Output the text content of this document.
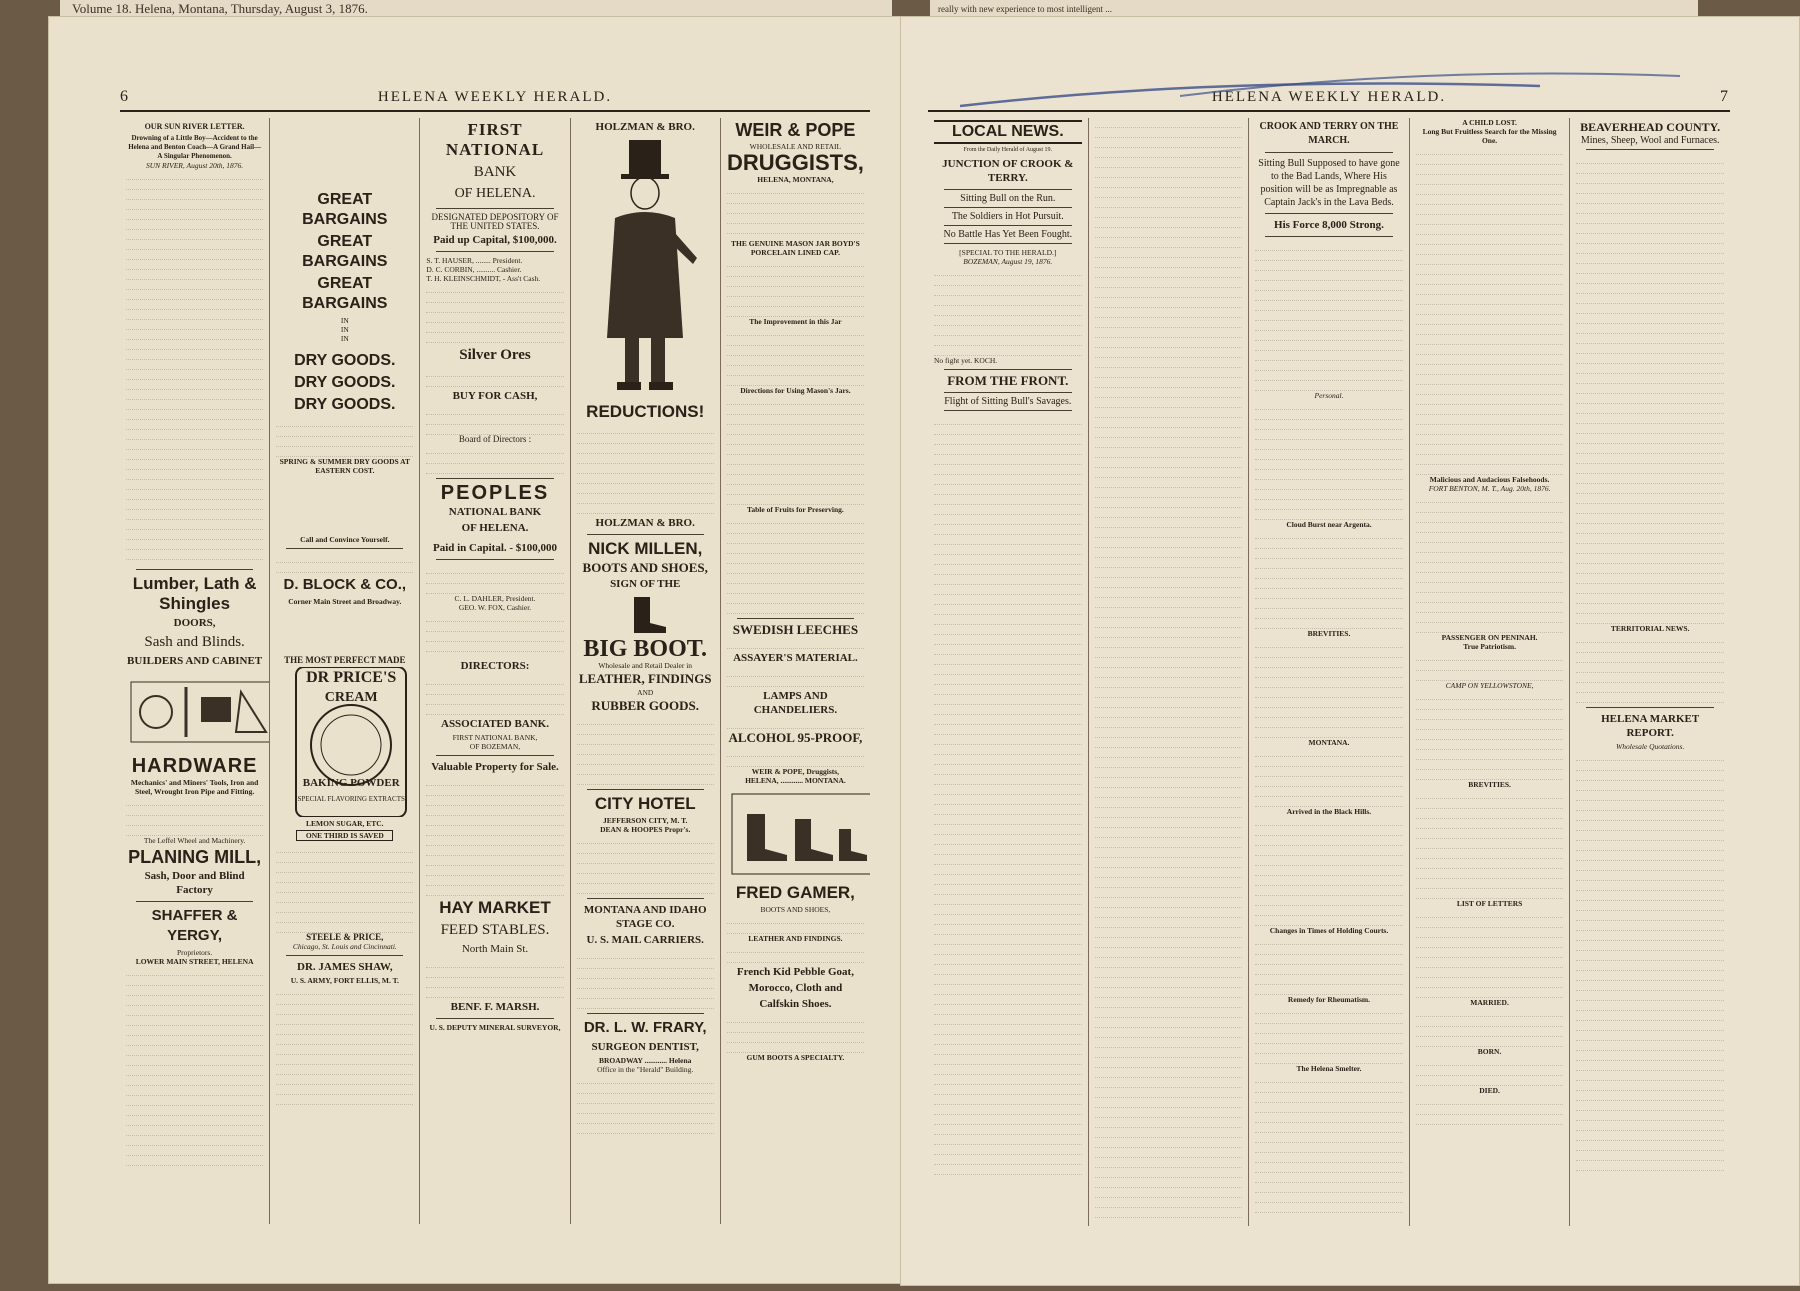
Volume 18. Helena, Montana, Thursday, August 3, 1876.	really with new experience to most intelligent ...
6	HELENA WEEKLY HERALD.
OUR SUN RIVER LETTER.
Drowning of a Little Boy—Accident to the Helena and Benton Coach—A Grand Hail—A Singular Phenomenon.
SUN RIVER, August 20th, 1876.
Lumber, Lath & Shingles
DOORS,
Sash and Blinds.
BUILDERS AND CABINET
HARDWARE
Mechanics' and Miners' Tools, Iron and Steel, Wrought Iron Pipe and Fitting.
The Leffel Wheel and Machinery.
PLANING MILL,
Sash, Door and Blind Factory
SHAFFER & YERGY,
Proprietors.
LOWER MAIN STREET, HELENA
GREAT BARGAINS
GREAT BARGAINS
GREAT BARGAINS
IN
IN
IN
DRY GOODS.
DRY GOODS.
DRY GOODS.
SPRING & SUMMER DRY GOODS AT EASTERN COST.
Call and Convince Yourself.
D. BLOCK & CO.,
Corner Main Street and Broadway.
THE MOST PERFECT MADE
DR PRICE'S
CREAM
BAKING POWDER
SPECIAL FLAVORING EXTRACTS
LEMON SUGAR, ETC.
ONE THIRD IS SAVED
STEELE & PRICE,
Chicago, St. Louis and Cincinnati.
DR. JAMES SHAW,
U. S. ARMY, FORT ELLIS, M. T.
FIRST NATIONAL
BANK
OF HELENA.
DESIGNATED DEPOSITORY OF THE UNITED STATES.
Paid up Capital, $100,000.
S. T. HAUSER, ........ President.
D. C. CORBIN, .......... Cashier.
T. H. KLEINSCHMIDT, - Ass't Cash.
Silver Ores
BUY FOR CASH,
Board of Directors :
PEOPLES
NATIONAL BANK
OF HELENA.
Paid in Capital. - $100,000
C. L. DAHLER, President.
GEO. W. FOX, Cashier.
DIRECTORS:
ASSOCIATED BANK.
FIRST NATIONAL BANK,
OF BOZEMAN,
Valuable Property for Sale.
HAY MARKET
FEED STABLES.
North Main St.
BENF. F. MARSH.
U. S. DEPUTY MINERAL SURVEYOR,
HOLZMAN & BRO.
REDUCTIONS!
HOLZMAN & BRO.
NICK MILLEN,
BOOTS AND SHOES,
SIGN OF THE
BIG BOOT.
Wholesale and Retail Dealer in
LEATHER, FINDINGS
AND
RUBBER GOODS.
CITY HOTEL
JEFFERSON CITY, M. T.
DEAN & HOOPES Propr's.
MONTANA AND IDAHO STAGE CO.
U. S. MAIL CARRIERS.
DR. L. W. FRARY,
SURGEON DENTIST,
BROADWAY ............ Helena
Office in the "Herald" Building.
WEIR & POPE
WHOLESALE AND RETAIL
DRUGGISTS,
HELENA, MONTANA,
THE GENUINE MASON JAR BOYD'S PORCELAIN LINED CAP.
The Improvement in this Jar
Directions for Using Mason's Jars.
Table of Fruits for Preserving.
SWEDISH LEECHES
ASSAYER'S MATERIAL.
LAMPS AND CHANDELIERS.
ALCOHOL 95-PROOF,
WEIR & POPE, Druggists,
HELENA, ............ MONTANA.
FRED GAMER,
BOOTS AND SHOES,
LEATHER AND FINDINGS.
French Kid Pebble Goat,
Morocco, Cloth and
Calfskin Shoes.
GUM BOOTS A SPECIALTY.
HELENA WEEKLY HERALD.	7
LOCAL NEWS.
From the Daily Herald of August 19.
JUNCTION OF CROOK & TERRY.
Sitting Bull on the Run.
The Soldiers in Hot Pursuit.
No Battle Has Yet Been Fought.
[SPECIAL TO THE HERALD.]
BOZEMAN, August 19, 1876.
No fight yet. KOCH.
FROM THE FRONT.
Flight of Sitting Bull's Savages.
CROOK AND TERRY ON THE MARCH.
Sitting Bull Supposed to have gone to the Bad Lands, Where His position will be as Impregnable as Captain Jack's in the Lava Beds.
His Force 8,000 Strong.
Personal.
Cloud Burst near Argenta.
BREVITIES.
MONTANA.
Arrived in the Black Hills.
Changes in Times of Holding Courts.
Remedy for Rheumatism.
The Helena Smelter.
A CHILD LOST.
Long But Fruitless Search for the Missing One.
Malicious and Audacious Falsehoods.
FORT BENTON, M. T., Aug. 20th, 1876.
PASSENGER ON PENINAH.
True Patriotism.
CAMP ON YELLOWSTONE,
BREVITIES.
LIST OF LETTERS
MARRIED.
BORN.
DIED.
BEAVERHEAD COUNTY.
Mines, Sheep, Wool and Furnaces.
TERRITORIAL NEWS.
HELENA MARKET REPORT.
Wholesale Quotations.
